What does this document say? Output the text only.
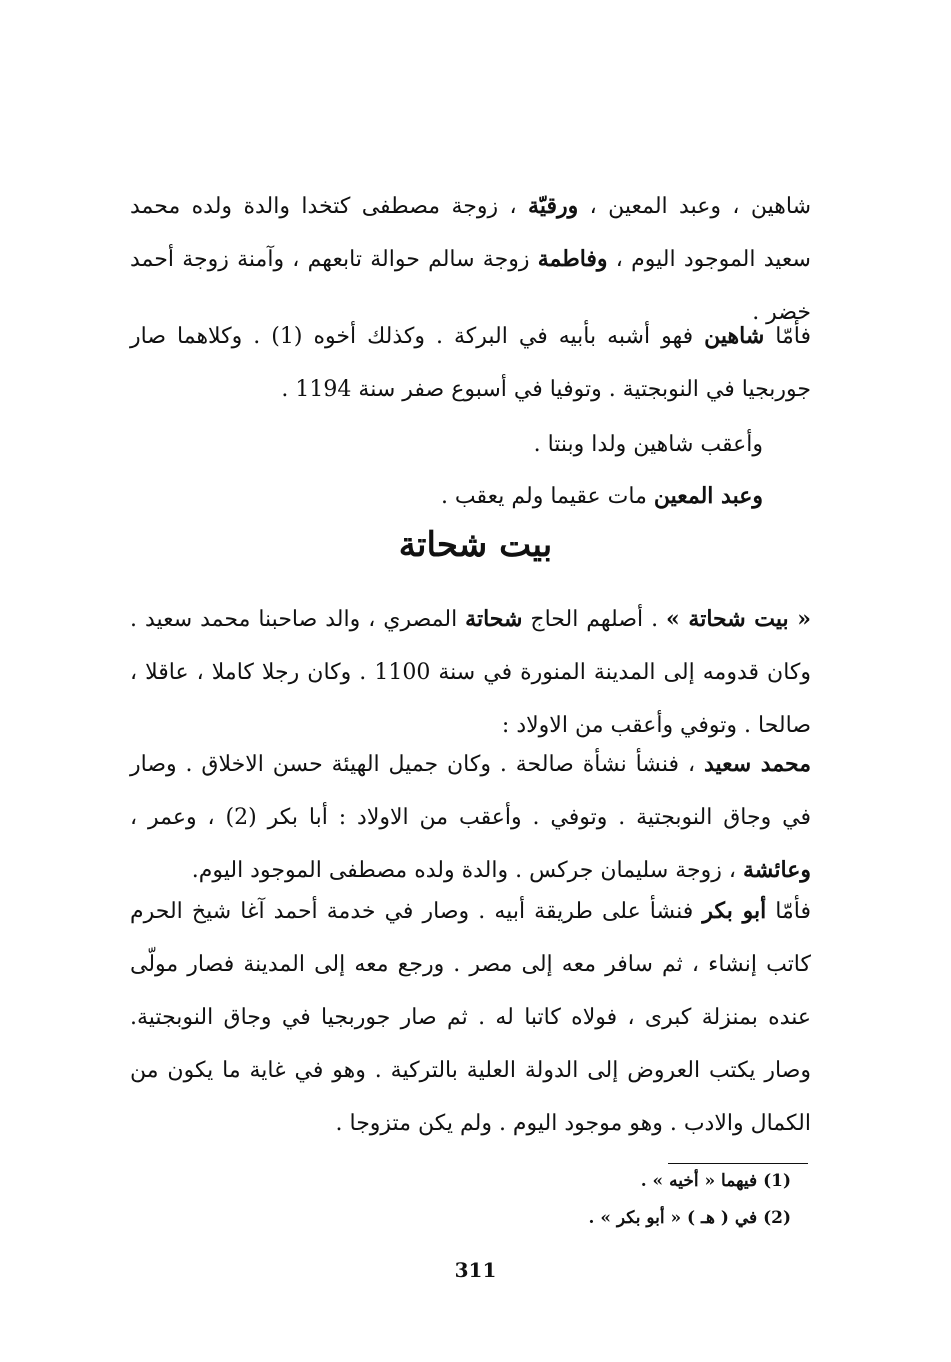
شاهين ، وعبد المعين ، ورقيّة ، زوجة مصطفى كتخدا والدة ولده محمد سعيد الموجود اليوم ، وفاطمة زوجة سالم حوالة تابعهم ، وآمنة زوجة أحمد خضر .

فأمّا شاهين فهو أشبه بأبيه في البركة . وكذلك أخوه (1) . وكلاهما صار جوربجيا في النوبجتية . وتوفيا في أسبوع صفر سنة 1194 .

وأعقب شاهين ولدا وبنتا .

وعبد المعين مات عقيما ولم يعقب .

بيت شحاتة

« بيت شحاتة » . أصلهم الحاج شحاتة المصري ، والد صاحبنا محمد سعيد . وكان قدومه إلى المدينة المنورة في سنة 1100 . وكان رجلا كاملا ، عاقلا ، صالحا . وتوفي وأعقب من الاولاد :

محمد سعيد ، فنشأ نشأة صالحة . وكان جميل الهيئة حسن الاخلاق . وصار في وجاق النوبجتية . وتوفي . وأعقب من الاولاد : أبا بكر (2) ، وعمر ، وعائشة ، زوجة سليمان جركس . والدة ولده مصطفى الموجود اليوم.

فأمّا أبو بكر فنشأ على طريقة أبيه . وصار في خدمة أحمد آغا شيخ الحرم كاتب إنشاء ، ثم سافر معه إلى مصر . ورجع معه إلى المدينة فصار مولّى عنده بمنزلة كبرى ، فولاه كاتبا له . ثم صار جوربجيا في وجاق النوبجتية. وصار يكتب العروض إلى الدولة العلية بالتركية . وهو في غاية ما يكون من الكمال والادب . وهو موجود اليوم . ولم يكن متزوجا .

(1) فيهما « أخيه » .
(2) في ( هـ ) « أبو بكر » .
311
